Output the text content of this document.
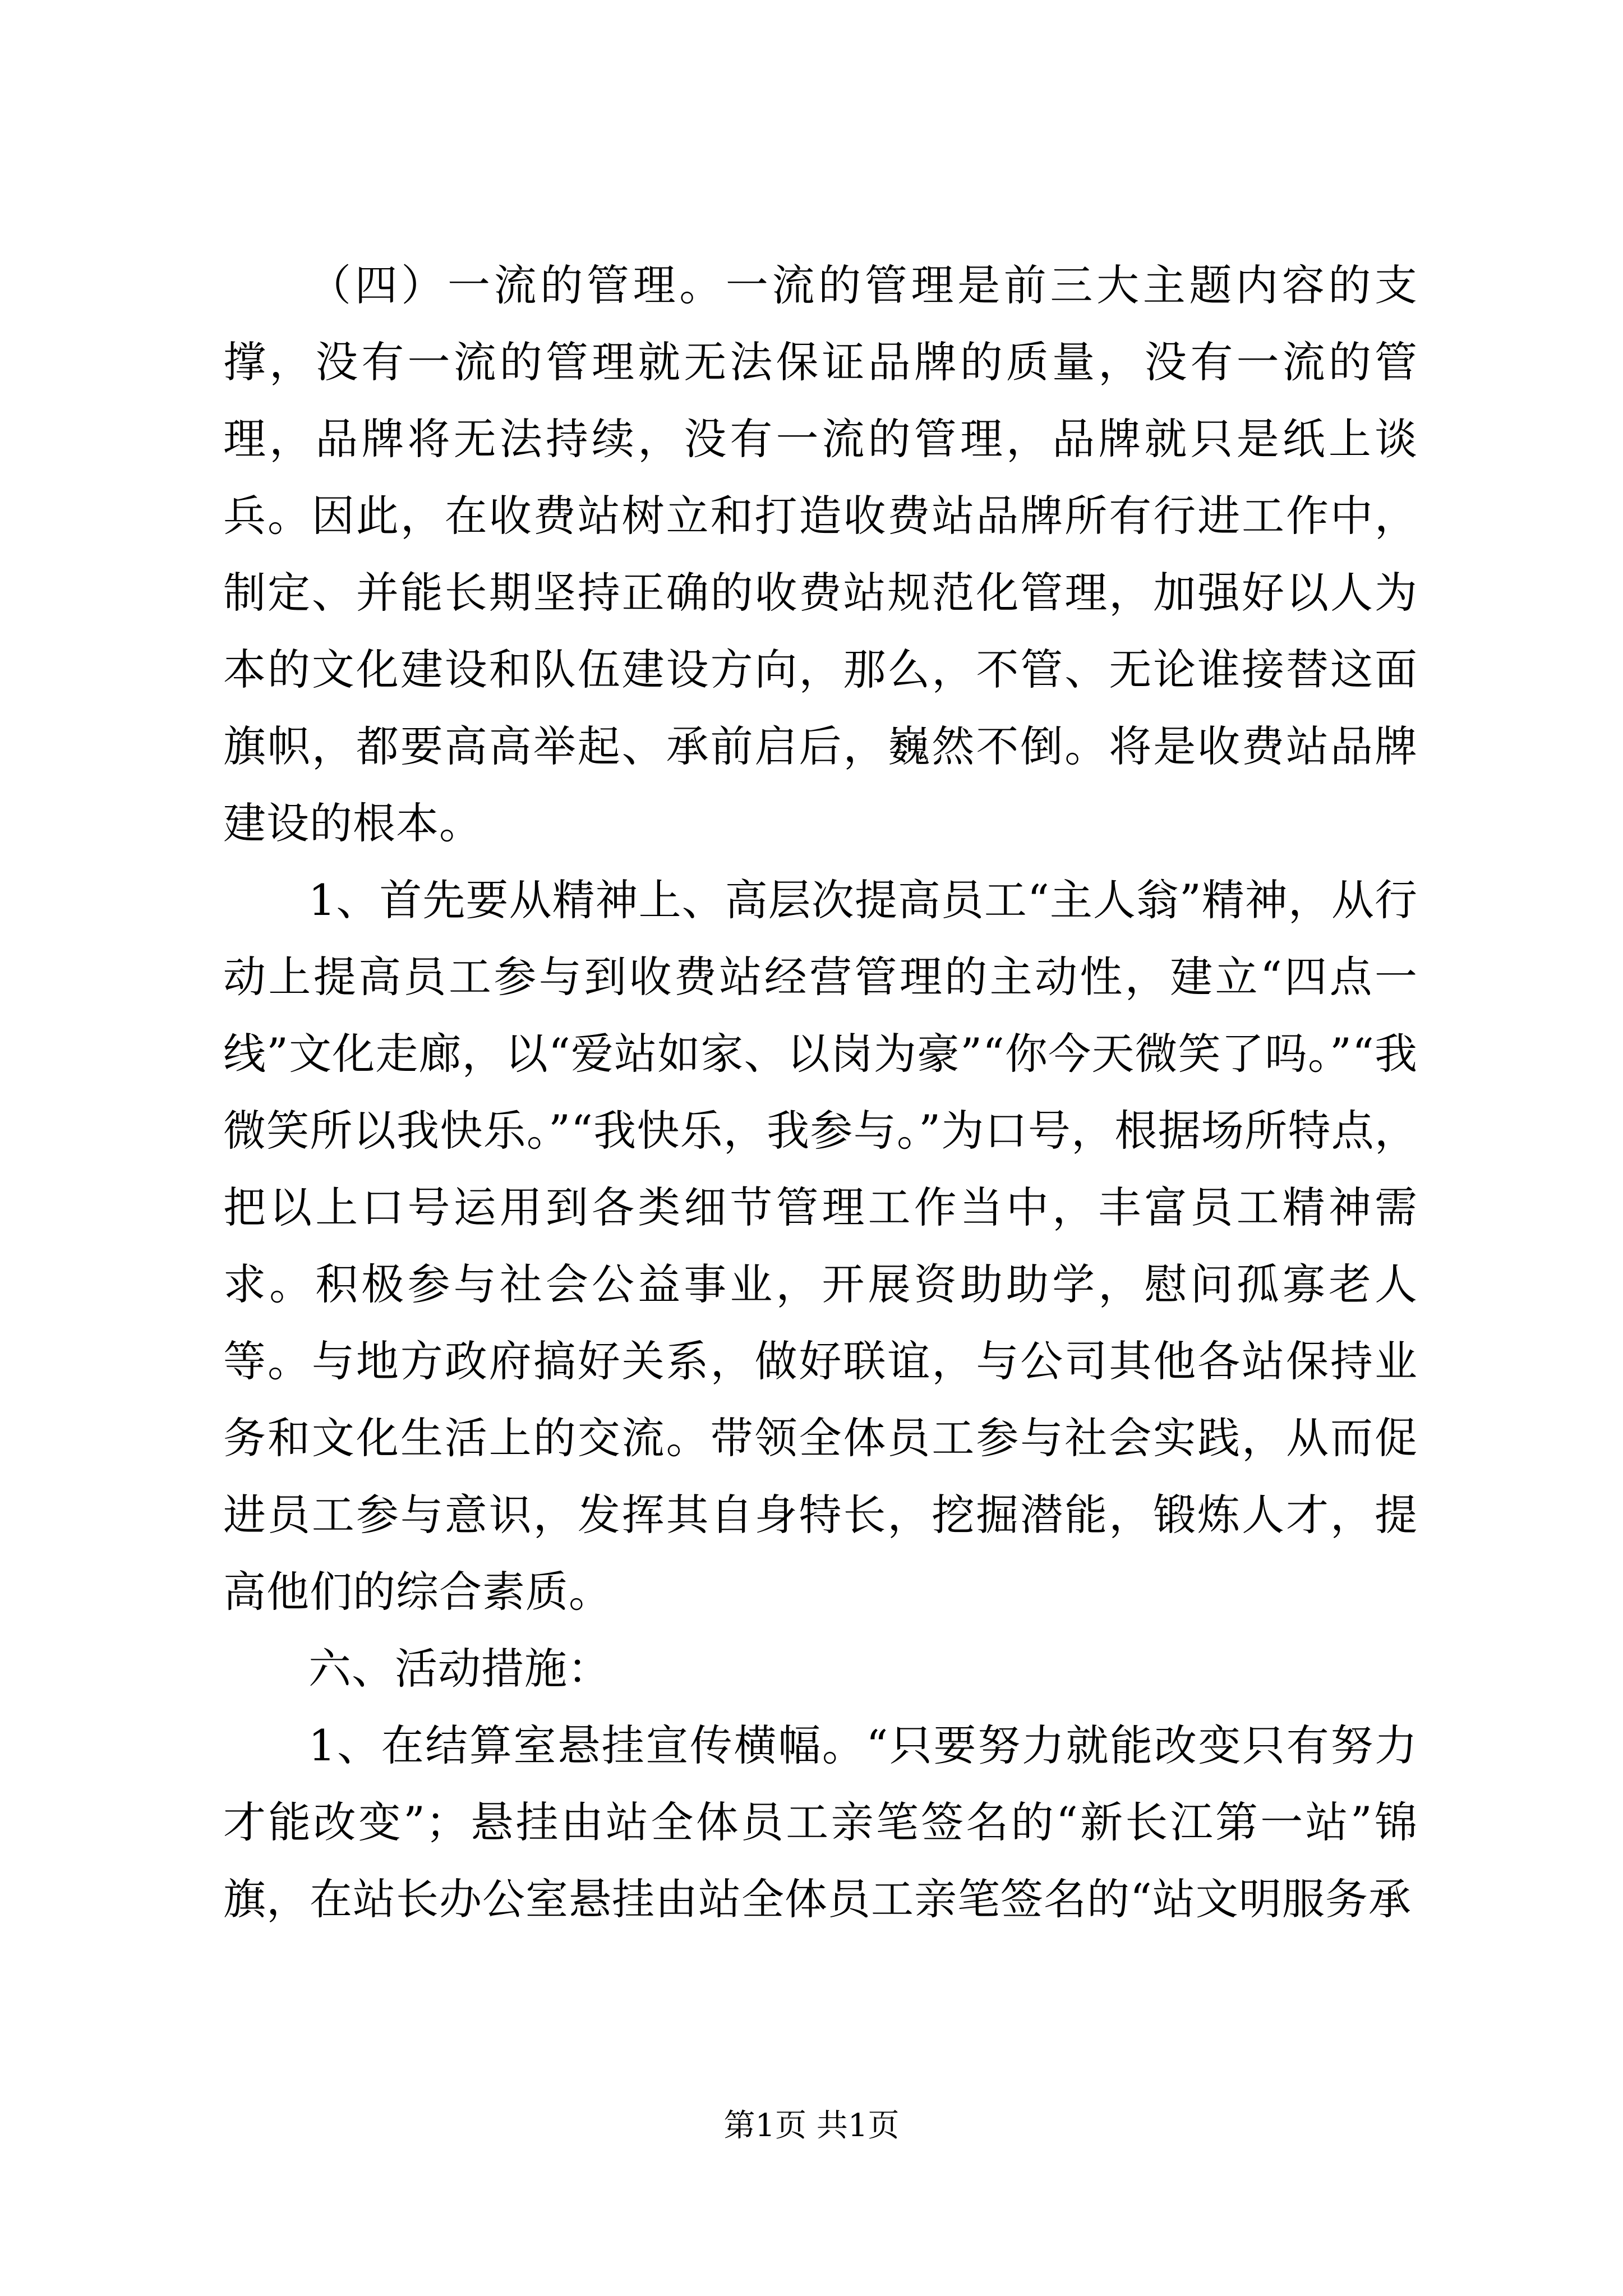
（四）一流的管理。一流的管理是前三大主题内容的支撑，没有一流的管理就无法保证品牌的质量，没有一流的管理，品牌将无法持续，没有一流的管理，品牌就只是纸上谈兵。因此，在收费站树立和打造收费站品牌所有行进工作中，制定、并能长期坚持正确的收费站规范化管理，加强好以人为本的文化建设和队伍建设方向，那么，不管、无论谁接替这面旗帜，都要高高举起、承前启后，巍然不倒。将是收费站品牌建设的根本。

1、首先要从精神上、高层次提高员工“主人翁”精神，从行动上提高员工参与到收费站经营管理的主动性，建立“四点一线”文化走廊，以“爱站如家、以岗为豪”“你今天微笑了吗。”“我微笑所以我快乐。”“我快乐，我参与。”为口号，根据场所特点，把以上口号运用到各类细节管理工作当中，丰富员工精神需求。积极参与社会公益事业，开展资助助学，慰问孤寡老人等。与地方政府搞好关系，做好联谊，与公司其他各站保持业务和文化生活上的交流。带领全体员工参与社会实践，从而促进员工参与意识，发挥其自身特长，挖掘潜能，锻炼人才，提高他们的综合素质。

六、活动措施：

1、在结算室悬挂宣传横幅。“只要努力就能改变只有努力才能改变”；悬挂由站全体员工亲笔签名的“新长江第一站”锦旗，在站长办公室悬挂由站全体员工亲笔签名的“站文明服务承

第1页 共1页
